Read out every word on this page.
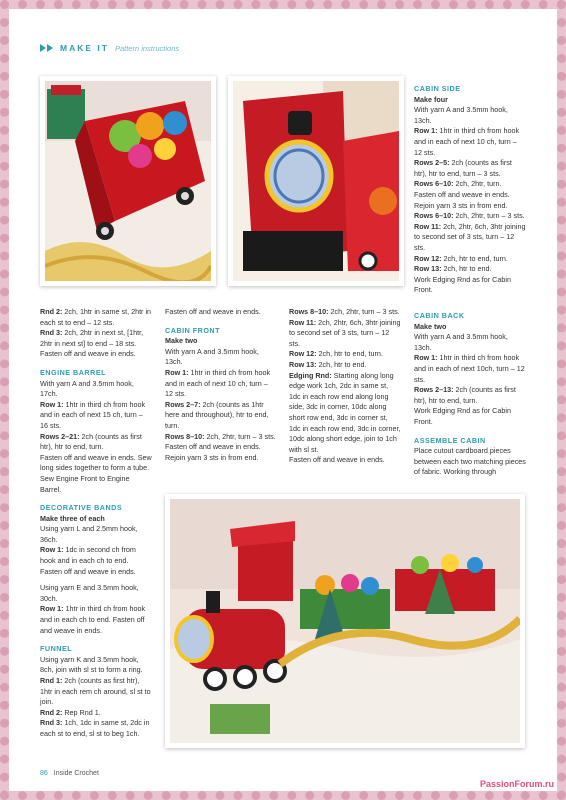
MAKE IT Pattern instructions

Rnd 2: 2ch, 1htr in same st, 2htr in each st to end – 12 sts.

Rnd 3: 2ch, 2htr in next st, [1htr, 2htr in next st] to end – 18 sts. Fasten off and weave in ends.

ENGINE BARREL

With yarn A and 3.5mm hook, 17ch.

Row 1: 1htr in third ch from hook and in each of next 15 ch, turn – 16 sts.

Rows 2–21: 2ch (counts as first htr), htr to end, turn.

Fasten off and weave in ends. Sew long sides together to form a tube.

Sew Engine Front to Engine Barrel.

DECORATIVE BANDS

Make three of each

Using yarn L and 2.5mm hook, 36ch.

Row 1: 1dc in second ch from hook and in each ch to end. Fasten off and weave in ends.

Using yarn E and 3.5mm hook, 30ch.

Row 1: 1htr in third ch from hook and in each ch to end. Fasten off and weave in ends.

FUNNEL

Using yarn K and 3.5mm hook, 8ch, join with sl st to form a ring.

Rnd 1: 2ch (counts as first htr), 1htr in each rem ch around, sl st to join.

Rnd 2: Rep Rnd 1.

Rnd 3: 1ch, 1dc in same st, 2dc in each st to end, sl st to beg 1ch.

Fasten off and weave in ends.

CABIN FRONT

Make two

With yarn A and 3.5mm hook, 13ch.

Row 1: 1htr in third ch from hook and in each of next 10 ch, turn – 12 sts.

Rows 2–7: 2ch (counts as 1htr here and throughout), htr to end, turn.

Rows 8–10: 2ch, 2htr, turn – 3 sts.

Fasten off and weave in ends. Rejoin yarn 3 sts in from end.

Rows 8–10: 2ch, 2htr, turn – 3 sts.

Row 11: 2ch, 2htr, 6ch, 3htr joining to second set of 3 sts, turn – 12 sts.

Row 12: 2ch, htr to end, turn.

Row 13: 2ch, htr to end.

Edging Rnd: Starting along long edge work 1ch, 2dc in same st, 1dc in each row end along long side, 3dc in corner, 10dc along short row end, 3dc in corner st, 1dc in each row end, 3dc in corner, 10dc along short edge, join to 1ch with sl st.

Fasten off and weave in ends.

CABIN SIDE

Make four

With yarn A and 3.5mm hook, 13ch.

Row 1: 1htr in third ch from hook and in each of next 10 ch, turn – 12 sts.

Rows 2–5: 2ch (counts as first htr), htr to end, turn – 3 sts.

Rows 6–10: 2ch, 2htr, turn.

Fasten off and weave in ends. Rejoin yarn 3 sts in from end.

Rows 6–10: 2ch, 2htr, turn – 3 sts.

Row 11: 2ch, 2htr, 6ch, 3htr joining to second set of 3 sts, turn – 12 sts.

Row 12: 2ch, htr to end, turn.

Row 13: 2ch, htr to end.

Work Edging Rnd as for Cabin Front.

CABIN BACK

Make two

With yarn A and 3.5mm hook, 13ch.

Row 1: 1htr in third ch from hook and in each of next 10ch, turn – 12 sts.

Rows 2–13: 2ch (counts as first htr), htr to end, turn.

Work Edging Rnd as for Cabin Front.

ASSEMBLE CABIN

Place cutout cardboard pieces between each two matching pieces of fabric. Working through

86 Inside Crochet
PassionForum.ru
